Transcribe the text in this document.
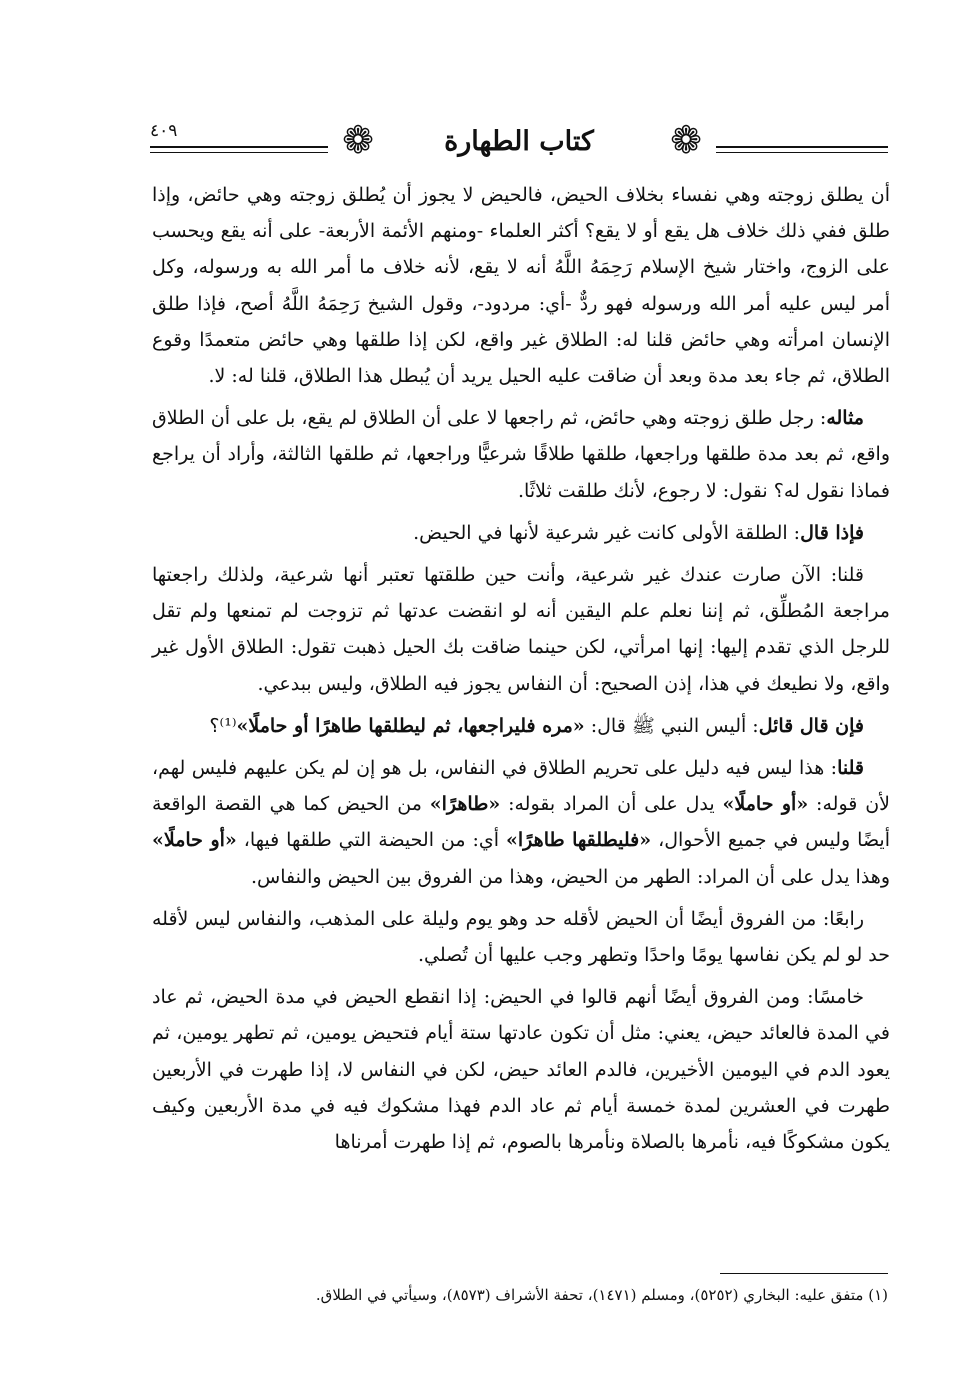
❁	كتاب الطهارة	❁
٤٠٩

أن يطلق زوجته وهي نفساء بخلاف الحيض، فالحيض لا يجوز أن يُطلق زوجته وهي حائض، وإذا طلق ففي ذلك خلاف هل يقع أو لا يقع؟ أكثر العلماء -ومنهم الأئمة الأربعة- على أنه يقع ويحسب على الزوج، واختار شيخ الإسلام رَحِمَهُ اللَّهُ أنه لا يقع، لأنه خلاف ما أمر الله به ورسوله، وكل أمر ليس عليه أمر الله ورسوله فهو ردٌّ -أي: مردود-، وقول الشيخ رَحِمَهُ اللَّهُ أصح، فإذا طلق الإنسان امرأته وهي حائض قلنا له: الطلاق غير واقع، لكن إذا طلقها وهي حائض متعمدًا وقوع الطلاق، ثم جاء بعد مدة وبعد أن ضاقت عليه الحيل يريد أن يُبطل هذا الطلاق، قلنا له: لا.

مثاله: رجل طلق زوجته وهي حائض، ثم راجعها لا على أن الطلاق لم يقع، بل على أن الطلاق واقع، ثم بعد مدة طلقها وراجعها، طلقها طلاقًا شرعيًّا وراجعها، ثم طلقها الثالثة، وأراد أن يراجع فماذا نقول له؟ نقول: لا رجوع، لأنك طلقت ثلاثًا.

فإذا قال: الطلقة الأولى كانت غير شرعية لأنها في الحيض.

قلنا: الآن صارت عندك غير شرعية، وأنت حين طلقتها تعتبر أنها شرعية، ولذلك راجعتها مراجعة المُطلِّق، ثم إننا نعلم علم اليقين أنه لو انقضت عدتها ثم تزوجت لم تمنعها ولم تقل للرجل الذي تقدم إليها: إنها امرأتي، لكن حينما ضاقت بك الحيل ذهبت تقول: الطلاق الأول غير واقع، ولا نطيعك في هذا، إذن الصحيح: أن النفاس يجوز فيه الطلاق، وليس ببدعي.

فإن قال قائل: أليس النبي ﷺ قال: «مره فليراجعها، ثم ليطلقها طاهرًا أو حاملًا»⁽¹⁾؟

قلنا: هذا ليس فيه دليل على تحريم الطلاق في النفاس، بل هو إن لم يكن عليهم فليس لهم، لأن قوله: «أو حاملًا» يدل على أن المراد بقوله: «طاهرًا» من الحيض كما هي القصة الواقعة أيضًا وليس في جميع الأحوال، «فليطلقها طاهرًا» أي: من الحيضة التي طلقها فيها، «أو حاملًا» وهذا يدل على أن المراد: الطهر من الحيض، وهذا من الفروق بين الحيض والنفاس.

رابعًا: من الفروق أيضًا أن الحيض لأقله حد وهو يوم وليلة على المذهب، والنفاس ليس لأقله حد لو لم يكن نفاسها يومًا واحدًا وتطهر وجب عليها أن تُصلي.

خامسًا: ومن الفروق أيضًا أنهم قالوا في الحيض: إذا انقطع الحيض في مدة الحيض، ثم عاد في المدة فالعائد حيض، يعني: مثل أن تكون عادتها ستة أيام فتحيض يومين، ثم تطهر يومين، ثم يعود الدم في اليومين الأخيرين، فالدم العائد حيض، لكن في النفاس لا، إذا طهرت في الأربعين طهرت في العشرين لمدة خمسة أيام ثم عاد الدم فهذا مشكوك فيه في مدة الأربعين وكيف يكون مشكوكًا فيه، نأمرها بالصلاة ونأمرها بالصوم، ثم إذا طهرت أمرناها

(١) متفق عليه: البخاري (٥٢٥٢)، ومسلم (١٤٧١)، تحفة الأشراف (٨٥٧٣)، وسيأتي في الطلاق.
